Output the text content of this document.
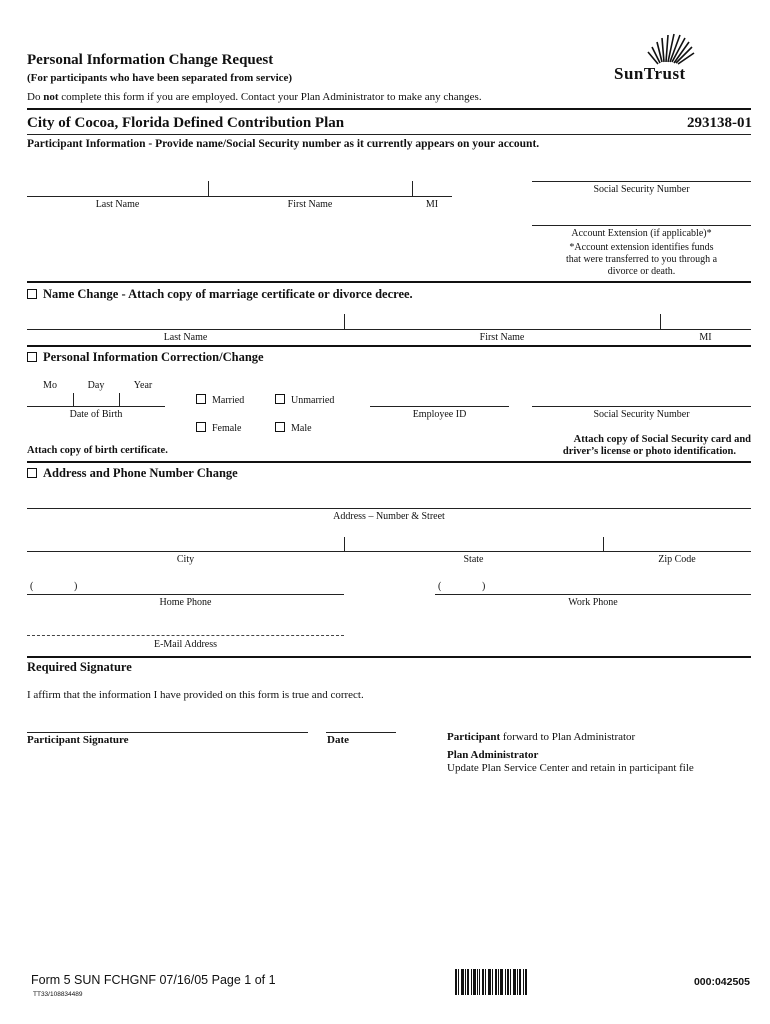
Personal Information Change Request
(For participants who have been separated from service)
Do not complete this form if you are employed. Contact your Plan Administrator to make any changes.
SunTrust
City of Cocoa, Florida Defined Contribution Plan	293138-01
Participant Information - Provide name/Social Security number as it currently appears on your account.
Last Name	First Name	MI
Social Security Number
Account Extension (if applicable)*
*Account extension identifies funds
that were transferred to you through a
divorce or death.
Name Change - Attach copy of marriage certificate or divorce decree.
Last Name	First Name	MI
Personal Information Correction/Change
Mo	Day	Year
Date of Birth
Married	Unmarried
Female	Male
Employee ID	Social Security Number
Attach copy of birth certificate.
Attach copy of Social Security card and
driver’s license or photo identification.
Address and Phone Number Change
Address – Number & Street
City	State	Zip Code
(	)
Home Phone
(	)
Work Phone
E-Mail Address
Required Signature
I affirm that the information I have provided on this form is true and correct.
Participant Signature	Date	Participant forward to Plan Administrator
Plan Administrator
Update Plan Service Center and retain in participant file
Form 5 SUN FCHGNF 07/16/05 Page 1 of 1
TT33/108834489
000:042505
